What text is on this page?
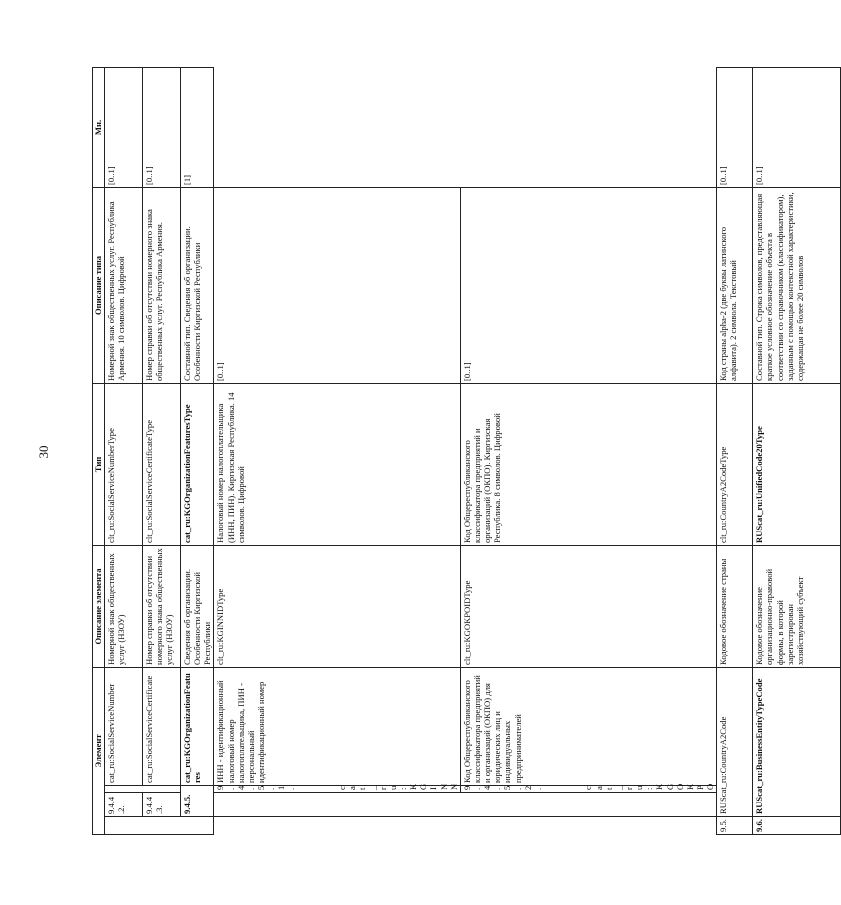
30
Элемент				Описание элемента	Тип	Описание типа	Мн.
	9.4.4.2.		cat_ru:SocialServiceNumber	Номерной знак общественных услуг (НЗОУ)	clt_ru:SocialServiceNumberType	Номерной знак общественных услуг. Республика Армения. 10 символов. Цифровой	[0..1]
	9.4.4.3.		cat_ru:SocialServiceCertificate	Номер справки об отсутствии номерного знака общественных услуг (НЗОУ)	clt_ru:SocialServiceCertificateType	Номер справки об отсутствии номерного знака общественных услуг. Республика Армения.	[0..1]
	9.4.5.		cat_ru:KGOrganizationFeatures	Сведения об организации. Особенности Киргизской Республики	cat_ru:KGOrganizationFeaturesType	Составной тип. Сведения об организации. Особенности Киргизской Республики	[1]
		9.4.5.1. cat_ru:KGINN	ИНН - идентификационный налоговый номер налогоплательщика, ПИН - персональный идентификационный номер	clt_ru:KGINNIDType	Налоговый номер налогоплательщика (ИНН, ПИН). Киргизская Республика. 14 символов. Цифровой	[0..1]	
		9.4.5.2. cat_ru:KGOKPO	Код Общереспубликанского классификатора предприятий и организаций (ОКПО) для юридических лиц и индивидуальных предпринимателей	clt_ru:KGOKPOIDType	Код Общереспубликанского классификатора предприятий и организаций (ОКПО). Киргизская Республика. 8 символов. Цифровой	[0..1]	
9.5.	RUScat_ru:CountryA2Code			Кодовое обозначение страны	clt_ru:CountryA2CodeType	Код страны alpha-2 (две буквы латинского алфавита). 2 символа. Текстовый	[0..1]
9.6.	RUScat_ru:BusinessEntityTypeCode			Кодовое обозначение организационно-правовой формы, в которой зарегистрирован хозяйствующий субъект	RUScat_ru:UnifiedCode20Type	Составной тип. Строка символов, представляющая краткое условное обозначение объекта в соответствии со справочником (классификатором), заданным с помощью контекстной характеристики, содержащая не более 20 символов	[0..1]
